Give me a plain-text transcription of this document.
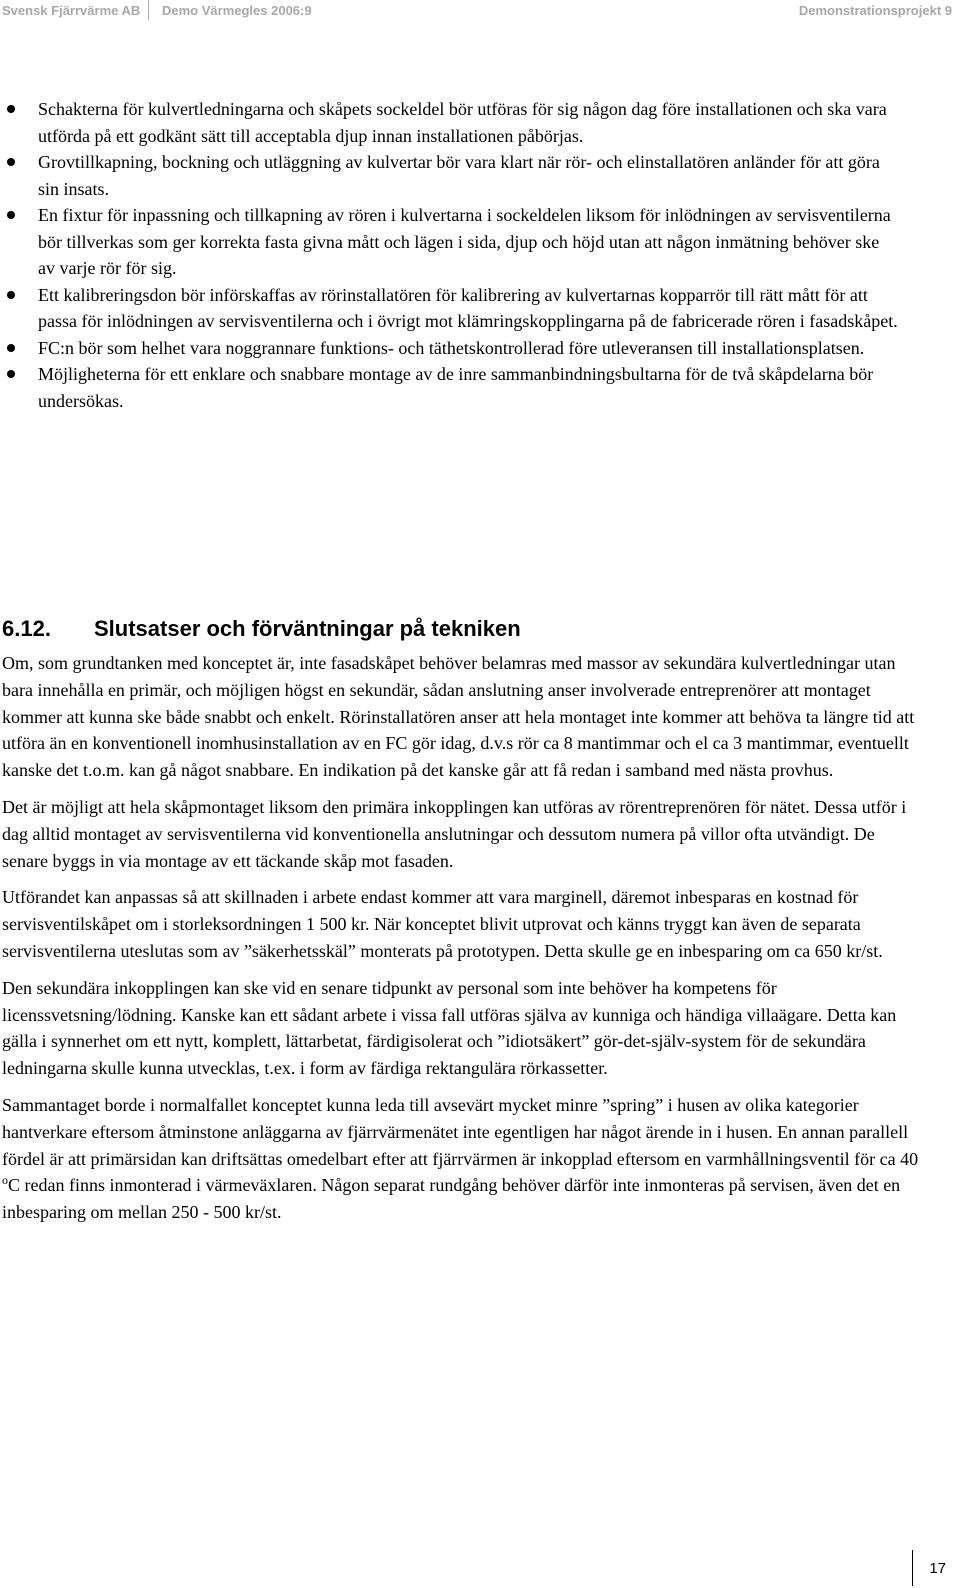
Svensk Fjärrvärme AB Demo Värmegles 2006:9	Demonstrationsprojekt 9
Schakterna för kulvertledningarna och skåpets sockeldel bör utföras för sig någon dag före installationen och ska vara utförda på ett godkänt sätt till acceptabla djup innan installationen påbörjas.
Grovtillkapning, bockning och utläggning av kulvertar bör vara klart när rör- och elinstallatören anländer för att göra sin insats.
En fixtur för inpassning och tillkapning av rören i kulvertarna i sockeldelen liksom för inlödningen av servisventilerna bör tillverkas som ger korrekta fasta givna mått och lägen i sida, djup och höjd utan att någon inmätning behöver ske av varje rör för sig.
Ett kalibreringsdon bör införskaffas av rörinstallatören för kalibrering av kulvertarnas kopparrör till rätt mått för att passa för inlödningen av servisventilerna och i övrigt mot klämringskopplingarna på de fabricerade rören i fasadskåpet.
FC:n bör som helhet vara noggrannare funktions- och täthetskontrollerad före utleveransen till installationsplatsen.
Möjligheterna för ett enklare och snabbare montage av de inre sammanbindningsbultarna för de två skåpdelarna bör undersökas.
6.12. Slutsatser och förväntningar på tekniken

Om, som grundtanken med konceptet är, inte fasadskåpet behöver belamras med massor av sekundära kulvertledningar utan bara innehålla en primär, och möjligen högst en sekundär, sådan anslutning anser involverade entreprenörer att montaget kommer att kunna ske både snabbt och enkelt. Rörinstallatören anser att hela montaget inte kommer att behöva ta längre tid att utföra än en konventionell inomhusinstallation av en FC gör idag, d.v.s rör ca 8 mantimmar och el ca 3 mantimmar, eventuellt kanske det t.o.m. kan gå något snabbare. En indikation på det kanske går att få redan i samband med nästa provhus.

Det är möjligt att hela skåpmontaget liksom den primära inkopplingen kan utföras av rörentreprenören för nätet. Dessa utför i dag alltid montaget av servisventilerna vid konventionella anslutningar och dessutom numera på villor ofta utvändigt. De senare byggs in via montage av ett täckande skåp mot fasaden.

Utförandet kan anpassas så att skillnaden i arbete endast kommer att vara marginell, däremot inbesparas en kostnad för servisventilskåpet om i storleksordningen 1 500 kr. När konceptet blivit utprovat och känns tryggt kan även de separata servisventilerna uteslutas som av ”säkerhetsskäl” monterats på prototypen. Detta skulle ge en inbesparing om ca 650 kr/st.

Den sekundära inkopplingen kan ske vid en senare tidpunkt av personal som inte behöver ha kompetens för licenssvetsning/lödning. Kanske kan ett sådant arbete i vissa fall utföras själva av kunniga och händiga villaägare. Detta kan gälla i synnerhet om ett nytt, komplett, lättarbetat, färdigisolerat och ”idiotsäkert” gör-det-själv-system för de sekundära ledningarna skulle kunna utvecklas, t.ex. i form av färdiga rektangulära rörkassetter.

Sammantaget borde i normalfallet konceptet kunna leda till avsevärt mycket minre ”spring” i husen av olika kategorier hantverkare eftersom åtminstone anläggarna av fjärrvärmenätet inte egentligen har något ärende in i husen. En annan parallell fördel är att primärsidan kan driftsättas omedelbart efter att fjärrvärmen är inkopplad eftersom en varmhållningsventil för ca 40 $^o$C redan finns inmonterad i värmeväxlaren. Någon separat rundgång behöver därför inte inmonteras på servisen, även det en inbesparing om mellan 250 - 500 kr/st.

17
